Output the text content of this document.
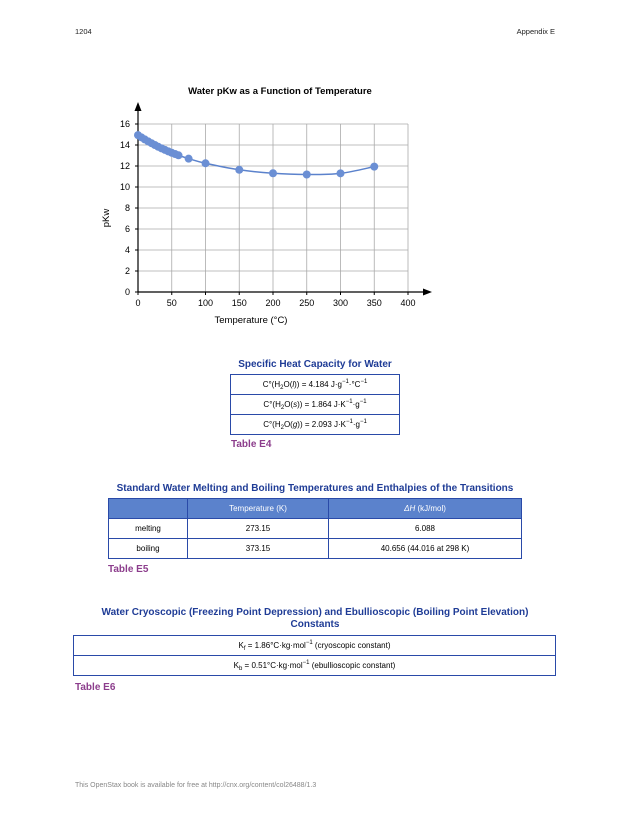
1204	Appendix E
Water pKw as a Function of Temperature
0	50 100 150 200 250 300 350 400
0
2
4
6
8
10
12
14
16
Temperature (°C)
pKw
Specific Heat Capacity for Water
$C^\circ(H_2O(l)) = 4.184$ $J\cdot g^{-1}\cdot^\circ C^{-1}$
$C^\circ(H_2O(s)) = 1.864$ $J\cdot K^{-1}\cdot g^{-1}$
$C^\circ(H_2O(g)) = 2.093$ $J\cdot K^{-1}\cdot g^{-1}$
Table E4
Standard Water Melting and Boiling Temperatures and Enthalpies of the Transitions
	Temperature (K)	ΔH (kJ/mol)
melting	273.15	6.088
boiling	373.15	40.656 (44.016 at 298 K)
Table E5
Water Cryoscopic (Freezing Point Depression) and Ebullioscopic (Boiling Point Elevation)
Constants
$K_f = 1.86^\circ C\cdot kg\cdot mol^{-1}$ (cryoscopic constant)
$K_b = 0.51^\circ C\cdot kg\cdot mol^{-1}$ (ebullioscopic constant)
Table E6
This OpenStax book is available for free at http://cnx.org/content/col26488/1.3
